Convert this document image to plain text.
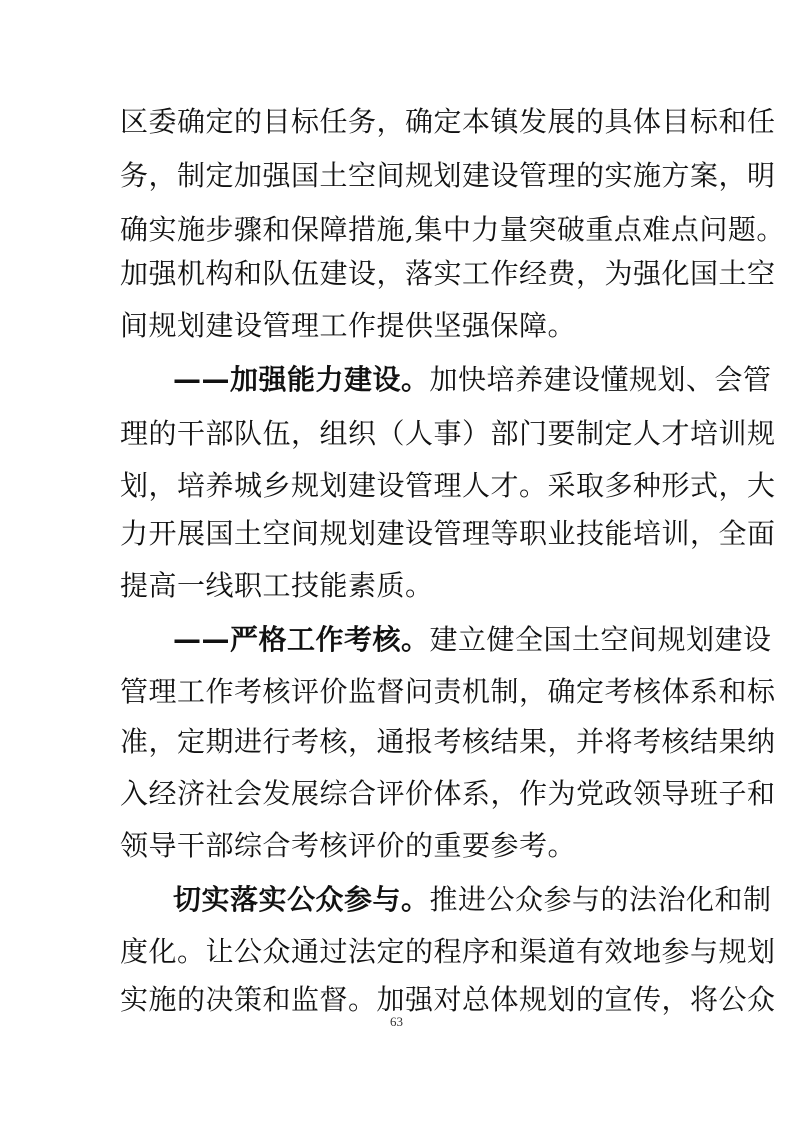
区委确定的目标任务，确定本镇发展的具体目标和任
务，制定加强国土空间规划建设管理的实施方案，明
确实施步骤和保障措施,集中力量突破重点难点问题。
加强机构和队伍建设，落实工作经费，为强化国土空
间规划建设管理工作提供坚强保障。
——加强能力建设。加快培养建设懂规划、会管
理的干部队伍，组织（人事）部门要制定人才培训规
划，培养城乡规划建设管理人才。采取多种形式，大
力开展国土空间规划建设管理等职业技能培训，全面
提高一线职工技能素质。
——严格工作考核。建立健全国土空间规划建设
管理工作考核评价监督问责机制，确定考核体系和标
准，定期进行考核，通报考核结果，并将考核结果纳
入经济社会发展综合评价体系，作为党政领导班子和
领导干部综合考核评价的重要参考。
切实落实公众参与。推进公众参与的法治化和制
度化。让公众通过法定的程序和渠道有效地参与规划
实施的决策和监督。加强对总体规划的宣传，将公众
63
